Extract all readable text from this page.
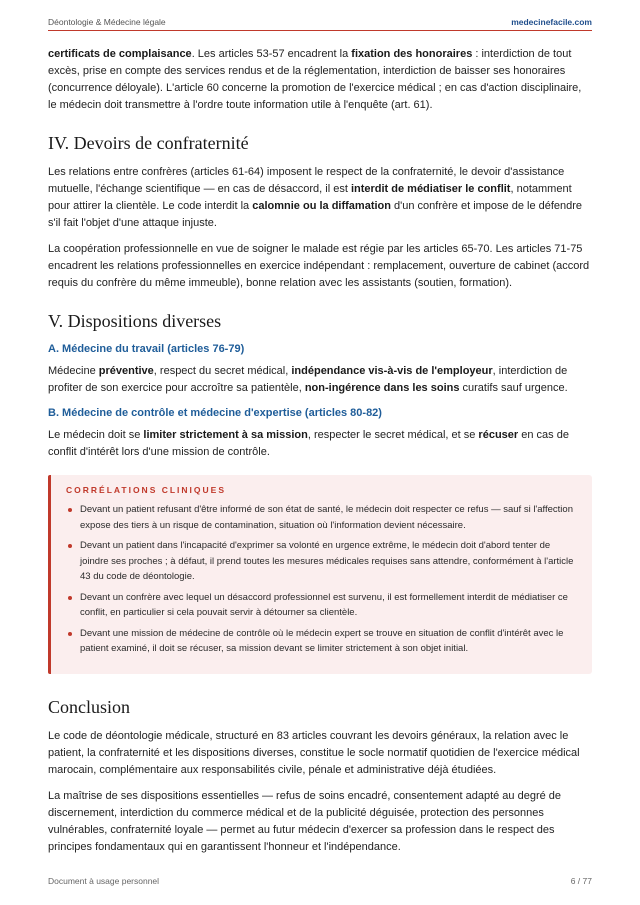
Déontologie & Médecine légale	medecinefacile.com

certificats de complaisance. Les articles 53-57 encadrent la fixation des honoraires : interdiction de tout excès, prise en compte des services rendus et de la réglementation, interdiction de baisser ses honoraires (concurrence déloyale). L'article 60 concerne la promotion de l'exercice médical ; en cas d'action disciplinaire, le médecin doit transmettre à l'ordre toute information utile à l'enquête (art. 61).

IV. Devoirs de confraternité

Les relations entre confrères (articles 61-64) imposent le respect de la confraternité, le devoir d'assistance mutuelle, l'échange scientifique — en cas de désaccord, il est interdit de médiatiser le conflit, notamment pour attirer la clientèle. Le code interdit la calomnie ou la diffamation d'un confrère et impose de le défendre s'il fait l'objet d'une attaque injuste.

La coopération professionnelle en vue de soigner le malade est régie par les articles 65-70. Les articles 71-75 encadrent les relations professionnelles en exercice indépendant : remplacement, ouverture de cabinet (accord requis du confrère du même immeuble), bonne relation avec les assistants (soutien, formation).

V. Dispositions diverses
A. Médecine du travail (articles 76-79)

Médecine préventive, respect du secret médical, indépendance vis-à-vis de l'employeur, interdiction de profiter de son exercice pour accroître sa patientèle, non-ingérence dans les soins curatifs sauf urgence.

B. Médecine de contrôle et médecine d'expertise (articles 80-82)

Le médecin doit se limiter strictement à sa mission, respecter le secret médical, et se récuser en cas de conflit d'intérêt lors d'une mission de contrôle.

CORRÉLATIONS CLINIQUES
Devant un patient refusant d'être informé de son état de santé, le médecin doit respecter ce refus — sauf si l'affection expose des tiers à un risque de contamination, situation où l'information devient nécessaire.
Devant un patient dans l'incapacité d'exprimer sa volonté en urgence extrême, le médecin doit d'abord tenter de joindre ses proches ; à défaut, il prend toutes les mesures médicales requises sans attendre, conformément à l'article 43 du code de déontologie.
Devant un confrère avec lequel un désaccord professionnel est survenu, il est formellement interdit de médiatiser ce conflit, en particulier si cela pouvait servir à détourner sa clientèle.
Devant une mission de médecine de contrôle où le médecin expert se trouve en situation de conflit d'intérêt avec le patient examiné, il doit se récuser, sa mission devant se limiter strictement à son objet initial.
Conclusion

Le code de déontologie médicale, structuré en 83 articles couvrant les devoirs généraux, la relation avec le patient, la confraternité et les dispositions diverses, constitue le socle normatif quotidien de l'exercice médical marocain, complémentaire aux responsabilités civile, pénale et administrative déjà étudiées.

La maîtrise de ses dispositions essentielles — refus de soins encadré, consentement adapté au degré de discernement, interdiction du commerce médical et de la publicité déguisée, protection des personnes vulnérables, confraternité loyale — permet au futur médecin d'exercer sa profession dans le respect des principes fondamentaux qui en garantissent l'honneur et l'indépendance.

Document à usage personnel	6 / 77
